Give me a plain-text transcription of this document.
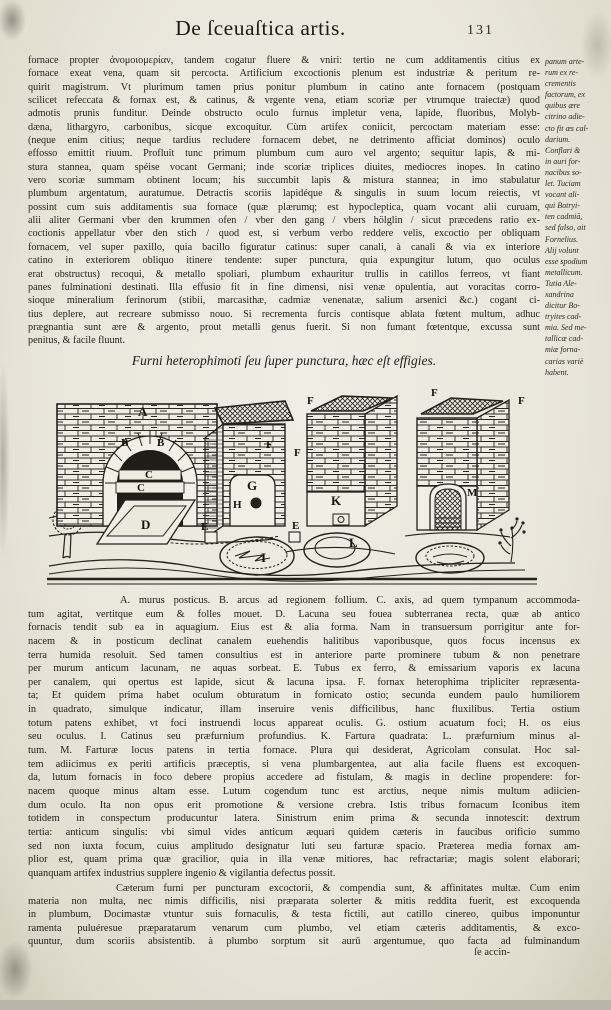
De ſceuaſtica artis.	131
fornace propter ἀνομοιομερίαν, tandem cogatur fluere & vniri: tertio ne cum additamentis citius ex
fornace exeat vena, quam sit percocta. Artificium excoctionis plenum est industriæ & peritum re-
quirit magistrum. Vt plurimum tamen prius ponitur plumbum in catino ante fornacem (postquam
scilicet refeccata & fornax est, & catinus, & vrgente vena, etiam scoriæ per vtrumque traiectæ) quod
admotis prunis funditur. Deinde obstructo oculo furnus impletur vena, lapide, fluoribus, Molyb-
dæna, lithargyro, carbonibus, sicque excoquitur. Cùm artifex coniicit, percoctam materiam esse:
(neque enim citius; neque tardius recludere fornacem debet, ne detrimento afficiat dominos) oculo
effosso emittit riuum. Profluit tunc primum plumbum cum auro vel argento; sequitur lapis, & mi-
stura stannea, quam spéise vocant Germani; inde scoriæ triplices diuites, mediocres inopes. In catino
vero scoriæ summam obtinent locum; his succumbit lapis & mistura stannea; in imo stabulatur
plumbum argentatum, auratumue. Detractis scoriis lapidéque & singulis in suum locum reiectis, vt
possint cum suis additamentis sua fornace (quæ plærumq; est hypocleptica, quam vocant alii curuam,
alii aliter Germani vber den krummen ofen / vber den gang / vbers hölglin / sicut præcedens ratio ex-
coctionis appellatur vber den stich / quod est, si verbum verbo reddere velis, excoctio per obliquam
fornacem, vel super paxillo, quia bacillo figuratur catinus: super canali, à canali & via ex interiore
catino in exteriorem obliquo itinere tendente: super punctura, quia expungitur lutum, quo oculus
erat obstructus) recoqui, & metallo spoliari, plumbum exhauritur trullis in catillos ferreos, vt fiant
panes fulminationi destinati. Illa effusio fit in fine dimensi, nisi venæ opulentia, aut voracitas corro-
sioque mineralium ferinorum (stibii, marcasithæ, cadmiæ venenatæ, salium arsenici &c.) cogant ci-
tius deplere, aut recreare submisso nouo. Si recrementa furcis contisque ablata fœtent multum, adhuc
prægnantia sunt ære & argento, prout metalli genus fuerit. Si non fumant fœtentque, excussa sunt
penitus, & facile fluunt.
panum arte-
rum ex re-
crementis
factorum, ex
quibus ære
citrino adie-
cto fit æs cal-
darium.
Conflari &
in auri for-
nacibus so-
let. Tuciam
vocant ali-
qui Botryi-
ten cadmiā,
sed falso, ait
Fornelius.
Alij volunt
esse spodium
metallicum.
Tutia Ale-
xandrina
dicitur Bo-
tryites cad-
mia. Sed me-
tallicæ cad-
miæ forna-
carias variè
habent.
Furni heterophimoti ſeu ſuper punctura, hæc eſt effigies.
A
B	B
C
C
D
F
F
G
H
E
I
F
K
E
L
F
F
M
A. murus posticus. B. arcus ad regionem follium. C. axis, ad quem tympanum accommoda-
tum agitat, vertitque eum & folles mouet. D. Lacuna seu fouea subterranea recta, quæ ab antico
fornacis tendit sub ea in aquagium. Eius est & alia forma. Nam in transuersum porrigitur ante for-
nacem & in posticum declinat canalem euehendis halitibus vaporibusque, quos focus incensus ex
terra humida resoluit. Sed tamen consultius est in anteriore parte prominere tubum & non penetrare
per murum anticum lacunam, ne aquas sorbeat. E. Tubus ex ferro, & emissarium vaporis ex lacuna
per canalem, qui opertus est lapide, sicut & lacuna ipsa. F. fornax heterophima tripliciter repræsenta-
ta; Et quidem prima habet oculum obturatum in fornicato ostio; secunda eundem paulo humiliorem
in quadrato, simulque indicatur, illam inseruire venis difficilibus, hanc fluxilibus. Tertia ostium
totum patens exhibet, vt foci instruendi locus appareat oculis. G. ostium acuatum foci; H. os eius
seu oculus. I. Catinus seu præfurnium profundius. K. Fartura quadrata: L. præfurnium minus al-
tum. M. Farturæ locus patens in tertia fornace. Plura qui desiderat, Agricolam consulat. Hoc sal-
tem adiicimus ex periti artificis præceptis, si vena plumbargentea, aut alia facile fluens est excoquen-
da, lutum fornacis in foco debere propius accedere ad fistulam, & magis in decline propendere: for-
nacem quoque minus altam esse. Lutum cogendum tunc est arctius, neque nimis multum adiicien-
dum oculo. Ita non opus erit promotione & versione crebra. Istis tribus fornacum Iconibus item
totidem in conspectum producuntur latera. Sinistrum enim prima & secunda innotescit: dextrum
tertia: anticum singulis: vbi simul vides anticum æquari quidem cæteris in faucibus orificio summo
sed non iuxta focum, cuius amplitudo designatur luti seu farturæ spacio. Præterea media fornax am-
plior est, quam prima quæ gracilior, quia in illa venæ mitiores, hac refractariæ; magis solent elaborari;
quanquam artifex industrius supplere ingenio & vigilantia defectus possit.
Cæterum furni per puncturam excoctorii, & compendia sunt, & affinitates multæ. Cum enim
materia non multa, nec nimis difficilis, nisi præparata solerter & mitis reddita fuerit, est excoquenda
in plumbum, Docimastæ vtuntur suis fornaculis, & testa fictili, aut catillo cinereo, quibus imponuntur
ramenta puluéresue præparatarum venarum cum plumbo, vel etiam cæteris additamentis, & exco-
quuntur, dum scoriis absistentib. à plumbo sorptum sit aurū argentumue, quo facta ad fulminandum
ſe accin-
